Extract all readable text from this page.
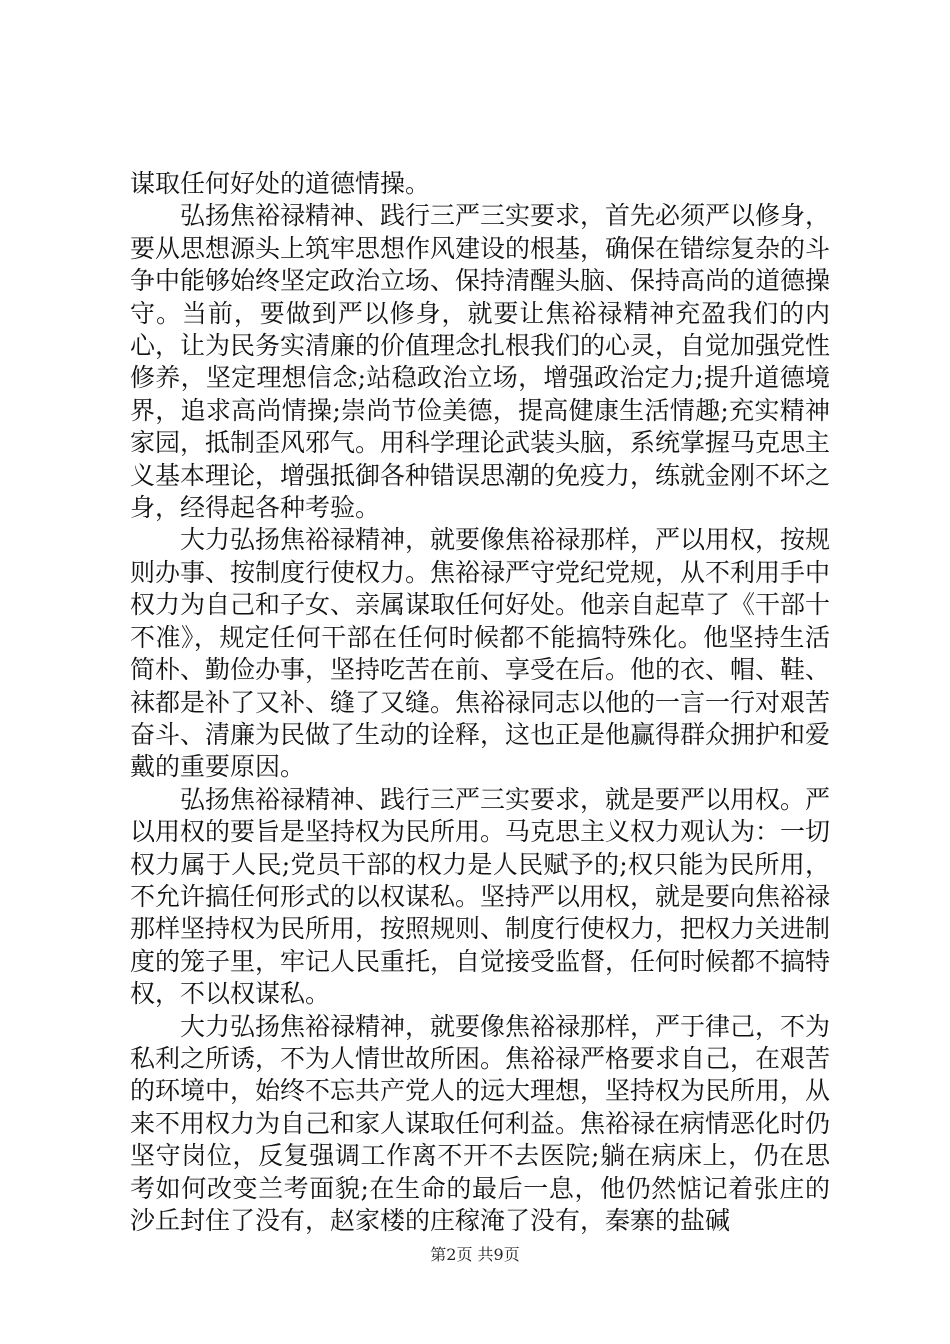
谋取任何好处的道德情操。

弘扬焦裕禄精神、践行三严三实要求，首先必须严以修身，要从思想源头上筑牢思想作风建设的根基，确保在错综复杂的斗争中能够始终坚定政治立场、保持清醒头脑、保持高尚的道德操守。当前，要做到严以修身，就要让焦裕禄精神充盈我们的内心，让为民务实清廉的价值理念扎根我们的心灵，自觉加强党性修养，坚定理想信念;站稳政治立场，增强政治定力;提升道德境界，追求高尚情操;崇尚节俭美德，提高健康生活情趣;充实精神家园，抵制歪风邪气。用科学理论武装头脑，系统掌握马克思主义基本理论，增强抵御各种错误思潮的免疫力，练就金刚不坏之身，经得起各种考验。

大力弘扬焦裕禄精神，就要像焦裕禄那样，严以用权，按规则办事、按制度行使权力。焦裕禄严守党纪党规，从不利用手中权力为自己和子女、亲属谋取任何好处。他亲自起草了《干部十不准》，规定任何干部在任何时候都不能搞特殊化。他坚持生活简朴、勤俭办事，坚持吃苦在前、享受在后。他的衣、帽、鞋、袜都是补了又补、缝了又缝。焦裕禄同志以他的一言一行对艰苦奋斗、清廉为民做了生动的诠释，这也正是他赢得群众拥护和爱戴的重要原因。

弘扬焦裕禄精神、践行三严三实要求，就是要严以用权。严以用权的要旨是坚持权为民所用。马克思主义权力观认为：一切权力属于人民;党员干部的权力是人民赋予的;权只能为民所用，不允许搞任何形式的以权谋私。坚持严以用权，就是要向焦裕禄那样坚持权为民所用，按照规则、制度行使权力，把权力关进制度的笼子里，牢记人民重托，自觉接受监督，任何时候都不搞特权，不以权谋私。

大力弘扬焦裕禄精神，就要像焦裕禄那样，严于律己，不为私利之所诱，不为人情世故所困。焦裕禄严格要求自己，在艰苦的环境中，始终不忘共产党人的远大理想，坚持权为民所用，从来不用权力为自己和家人谋取任何利益。焦裕禄在病情恶化时仍坚守岗位，反复强调工作离不开不去医院;躺在病床上，仍在思考如何改变兰考面貌;在生命的最后一息，他仍然惦记着张庄的沙丘封住了没有，赵家楼的庄稼淹了没有，秦寨的盐碱

第2页 共9页
